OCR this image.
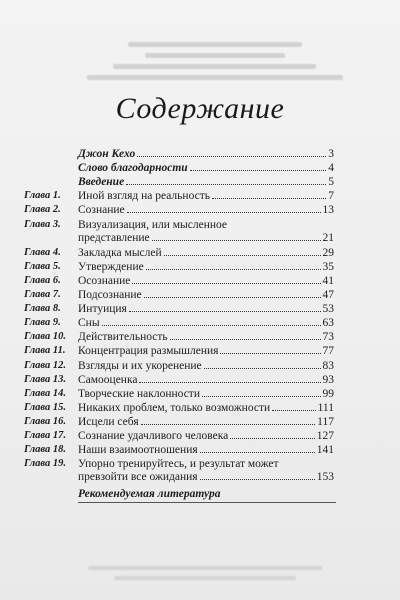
Содержание
Джон Кехо	3
Слово благодарности	4
Введение	5
Глава 1. Иной взгляд на реальность	7
Глава 2. Сознание	13
Глава 3. Визуализация, или мысленное
представление	21
Глава 4. Закладка мыслей	29
Глава 5. Утверждение	35
Глава 6. Осознание	41
Глава 7. Подсознание	47
Глава 8. Интуиция	53
Глава 9. Сны	63
Глава 10. Действительность	73
Глава 11. Концентрация размышления	77
Глава 12. Взгляды и их укоренение	83
Глава 13. Самооценка	93
Глава 14. Творческие наклонности	99
Глава 15. Никаких проблем, только возможности	111
Глава 16. Исцели себя	117
Глава 17. Сознание удачливого человека	127
Глава 18. Наши взаимоотношения	141
Глава 19. Упорно тренируйтесь, и результат может
превзойти все ожидания	153
Рекомендуемая литература
